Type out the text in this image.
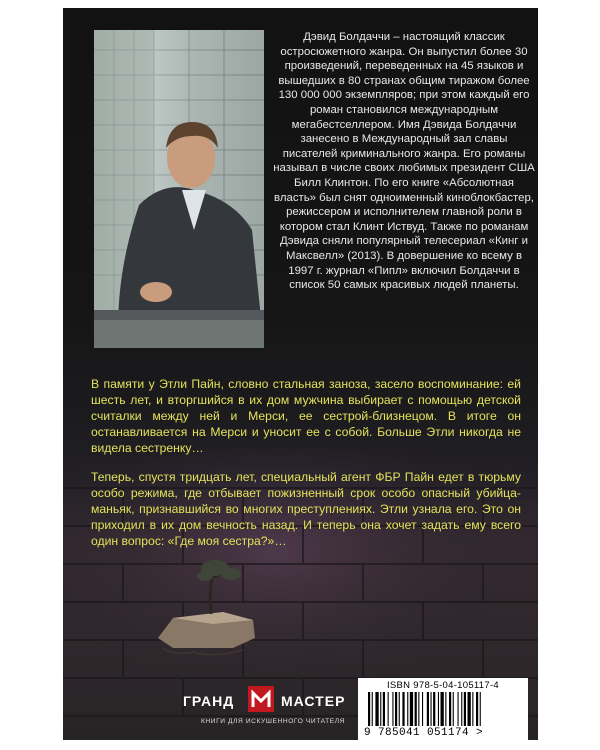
Дэвид Болдаччи – настоящий классик остросюжетного жанра. Он выпустил более 30 произведений, переведенных на 45 языков и вышедших в 80 странах общим тиражом более 130 000 000 экземпляров; при этом каждый его роман становился международным мегабестселлером. Имя Дэвида Болдаччи занесено в Международный зал славы писателей криминального жанра. Его романы называл в числе своих любимых президент США Билл Клинтон. По его книге «Абсолютная власть» был снят одноименный киноблокбастер, режиссером и исполнителем главной роли в котором стал Клинт Иствуд. Также по романам Дэвида сняли популярный телесериал «Кинг и Максвелл» (2013). В довершение ко всему в 1997 г. журнал «Пипл» включил Болдаччи в список 50 самых красивых людей планеты.
В памяти у Этли Пайн, словно стальная заноза, засело воспоминание: ей шесть лет, и вторгшийся в их дом мужчина выбирает с помощью детской считалки между ней и Мерси, ее сестрой-близнецом. В итоге он останавливается на Мерси и уносит ее с собой. Больше Этли никогда не видела сестренку…
Теперь, спустя тридцать лет, специальный агент ФБР Пайн едет в тюрьму особо режима, где отбывает пожизненный срок особо опасный убийца-маньяк, признавшийся во многих преступлениях. Этли узнала его. Это он приходил в их дом вечность назад. И теперь она хочет задать ему всего один вопрос: «Где моя сестра?»…
ГРАНД	МАСТЕР
КНИГИ ДЛЯ ИСКУШЕННОГО ЧИТАТЕЛЯ
ISBN 978-5-04-105117-4
9 785041 051174 >
